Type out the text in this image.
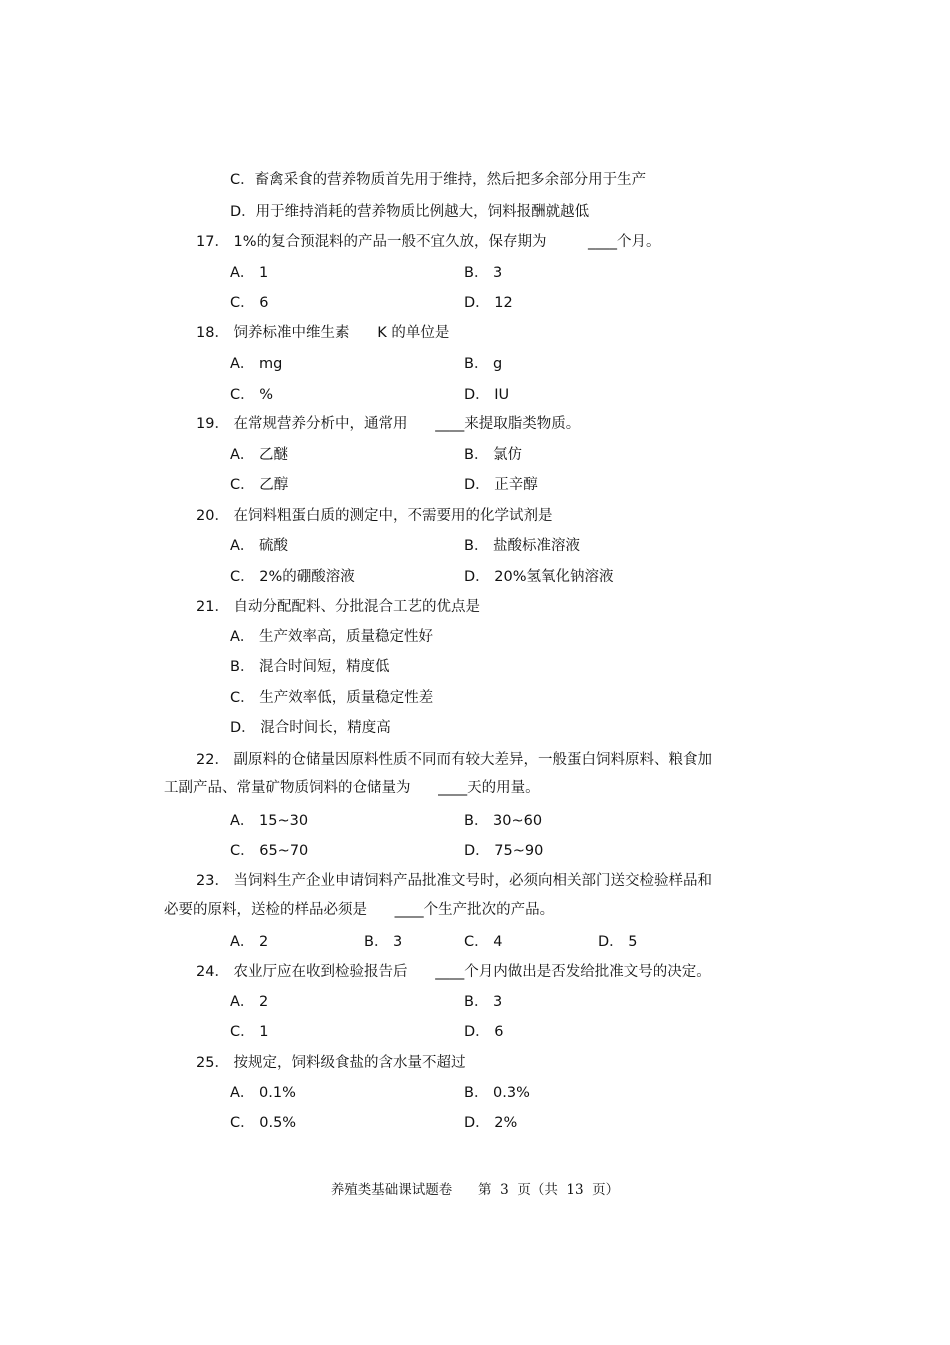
C．畜禽采食的营养物质首先用于维持，然后把多余部分用于生产
D．用于维持消耗的营养物质比例越大，饲料报酬就越低
17． 1%的复合预混料的产品一般不宜久放，保存期为         ____个月。
A． 1	B． 3
C． 6	D． 12
18． 饲养标准中维生素      K 的单位是
A． mg	B． g
C． %	D． IU
19． 在常规营养分析中，通常用      ____来提取脂类物质。
A． 乙醚	B． 氯仿
C． 乙醇	D． 正辛醇
20． 在饲料粗蛋白质的测定中，不需要用的化学试剂是
A． 硫酸	B． 盐酸标准溶液
C． 2%的硼酸溶液	D． 20%氢氧化钠溶液
21． 自动分配配料、分批混合工艺的优点是
A． 生产效率高，质量稳定性好
B． 混合时间短，精度低
C． 生产效率低，质量稳定性差
D． 混合时间长，精度高
22． 副原料的仓储量因原料性质不同而有较大差异，一般蛋白饲料原料、粮食加
工副产品、常量矿物质饲料的仓储量为      ____天的用量。
A． 15~30	B． 30~60
C． 65~70	D． 75~90
23． 当饲料生产企业申请饲料产品批准文号时，必须向相关部门送交检验样品和
必要的原料，送检的样品必须是      ____个生产批次的产品。
A． 2	B． 3	C． 4	D． 5
24． 农业厅应在收到检验报告后      ____个月内做出是否发给批准文号的决定。
A． 2	B． 3
C． 1	D． 6
25． 按规定，饲料级食盐的含水量不超过
A． 0.1%	B． 0.3%
C． 0.5%	D． 2%
养殖类基础课试题卷      第  3  页（共  13  页）
